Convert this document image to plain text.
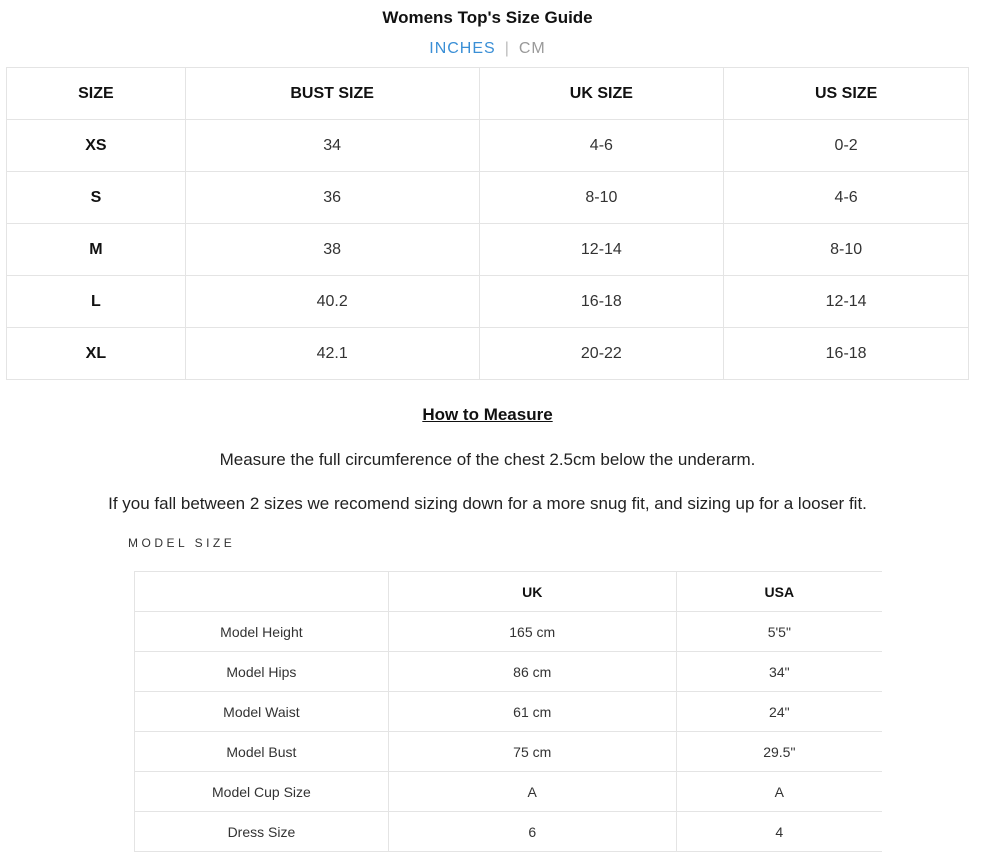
Womens Top's Size Guide
INCHES | CM
SIZE	BUST SIZE	UK SIZE	US SIZE
XS	34	4-6	0-2
S	36	8-10	4-6
M	38	12-14	8-10
L	40.2	16-18	12-14
XL	42.1	20-22	16-18
How to Measure
Measure the full circumference of the chest 2.5cm below the underarm.
If you fall between 2 sizes we recomend sizing down for a more snug fit, and sizing up for a looser fit.
MODEL SIZE
	UK	USA
Model Height	165 cm	5'5"
Model Hips	86 cm	34"
Model Waist	61 cm	24"
Model Bust	75 cm	29.5"
Model Cup Size	A	A
Dress Size	6	4
